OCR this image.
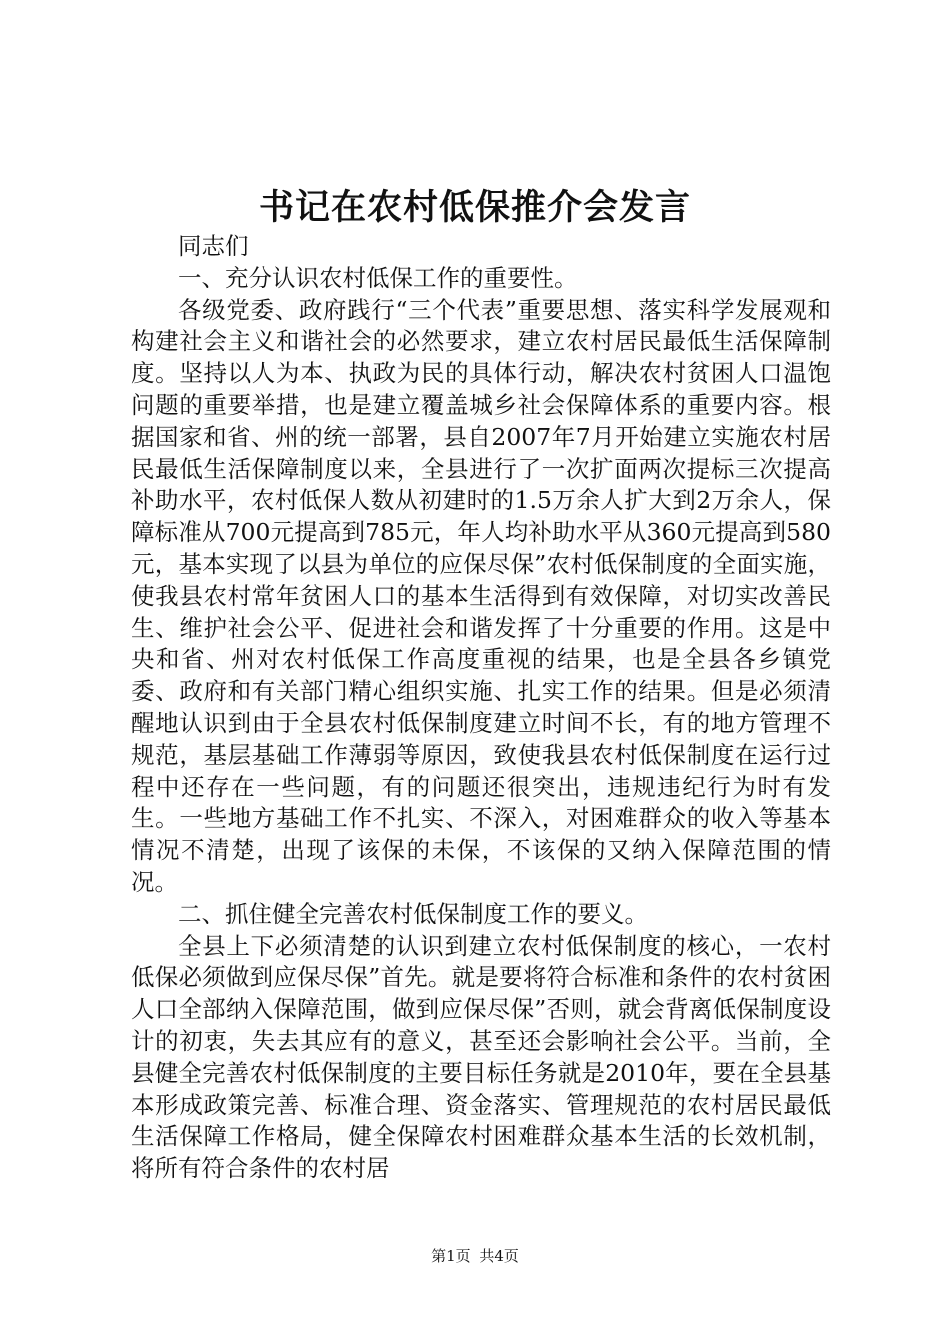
书记在农村低保推介会发言

同志们

一、充分认识农村低保工作的重要性。

各级党委、政府践行“三个代表”重要思想、落实科学发展观和构建社会主义和谐社会的必然要求，建立农村居民最低生活保障制度。坚持以人为本、执政为民的具体行动，解决农村贫困人口温饱问题的重要举措，也是建立覆盖城乡社会保障体系的重要内容。根据国家和省、州的统一部署，县自2007年7月开始建立实施农村居民最低生活保障制度以来，全县进行了一次扩面两次提标三次提高补助水平，农村低保人数从初建时的1.5万余人扩大到2万余人，保障标准从700元提高到785元，年人均补助水平从360元提高到580元，基本实现了以县为单位的应保尽保”农村低保制度的全面实施，使我县农村常年贫困人口的基本生活得到有效保障，对切实改善民生、维护社会公平、促进社会和谐发挥了十分重要的作用。这是中央和省、州对农村低保工作高度重视的结果，也是全县各乡镇党委、政府和有关部门精心组织实施、扎实工作的结果。但是必须清醒地认识到由于全县农村低保制度建立时间不长，有的地方管理不规范，基层基础工作薄弱等原因，致使我县农村低保制度在运行过程中还存在一些问题，有的问题还很突出，违规违纪行为时有发生。一些地方基础工作不扎实、不深入，对困难群众的收入等基本情况不清楚，出现了该保的未保，不该保的又纳入保障范围的情况。

二、抓住健全完善农村低保制度工作的要义。

全县上下必须清楚的认识到建立农村低保制度的核心，一农村低保必须做到应保尽保”首先。就是要将符合标准和条件的农村贫困人口全部纳入保障范围，做到应保尽保”否则，就会背离低保制度设计的初衷，失去其应有的意义，甚至还会影响社会公平。当前，全县健全完善农村低保制度的主要目标任务就是2010年，要在全县基本形成政策完善、标准合理、资金落实、管理规范的农村居民最低生活保障工作格局，健全保障农村困难群众基本生活的长效机制，将所有符合条件的农村居

第1页 共4页
